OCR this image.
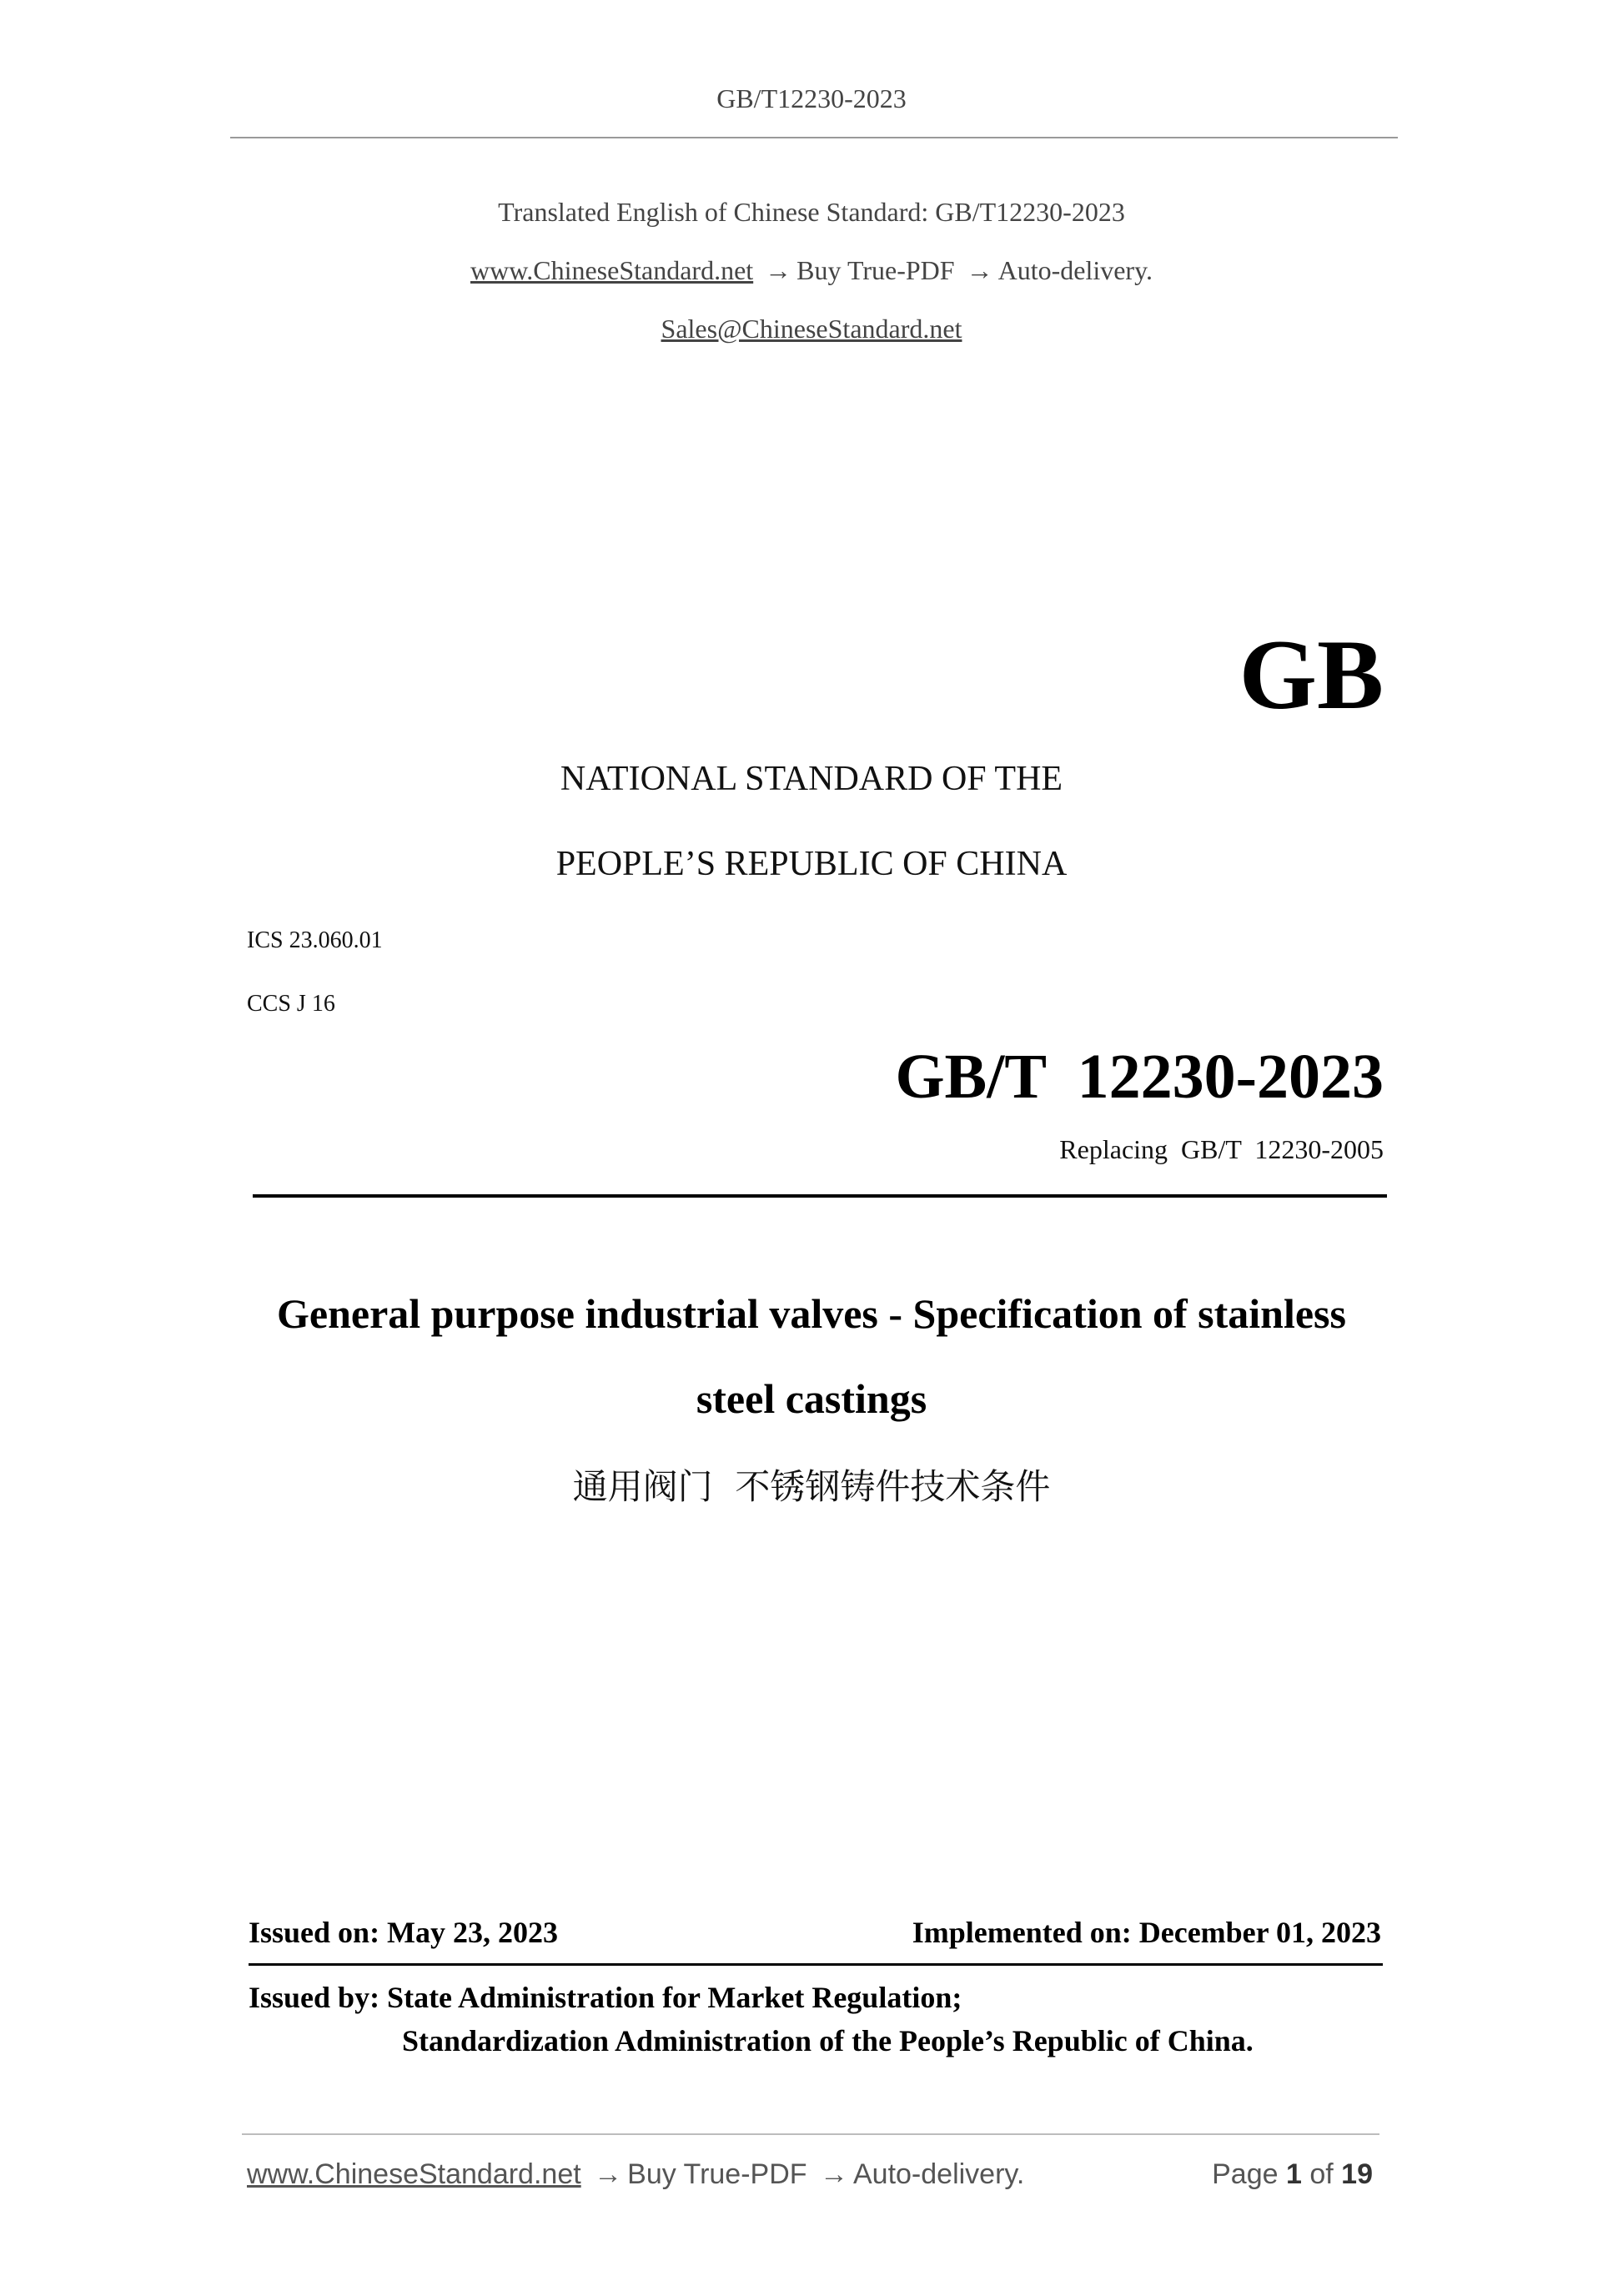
GB/T12230-2023
Translated English of Chinese Standard: GB/T12230-2023
www.ChineseStandard.net → Buy True-PDF → Auto-delivery.
Sales@ChineseStandard.net
GB
NATIONAL STANDARD OF THE
PEOPLE’S REPUBLIC OF CHINA
ICS 23.060.01
CCS J 16
GB/T  12230-2023
Replacing  GB/T  12230-2005
General purpose industrial valves - Specification of stainless
steel castings
通用阀门  不锈钢铸件技术条件
Issued on: May 23, 2023	Implemented on: December 01, 2023
Issued by: State Administration for Market Regulation;
Standardization Administration of the People’s Republic of China.
www.ChineseStandard.net → Buy True-PDF → Auto-delivery.	Page 1 of 19
